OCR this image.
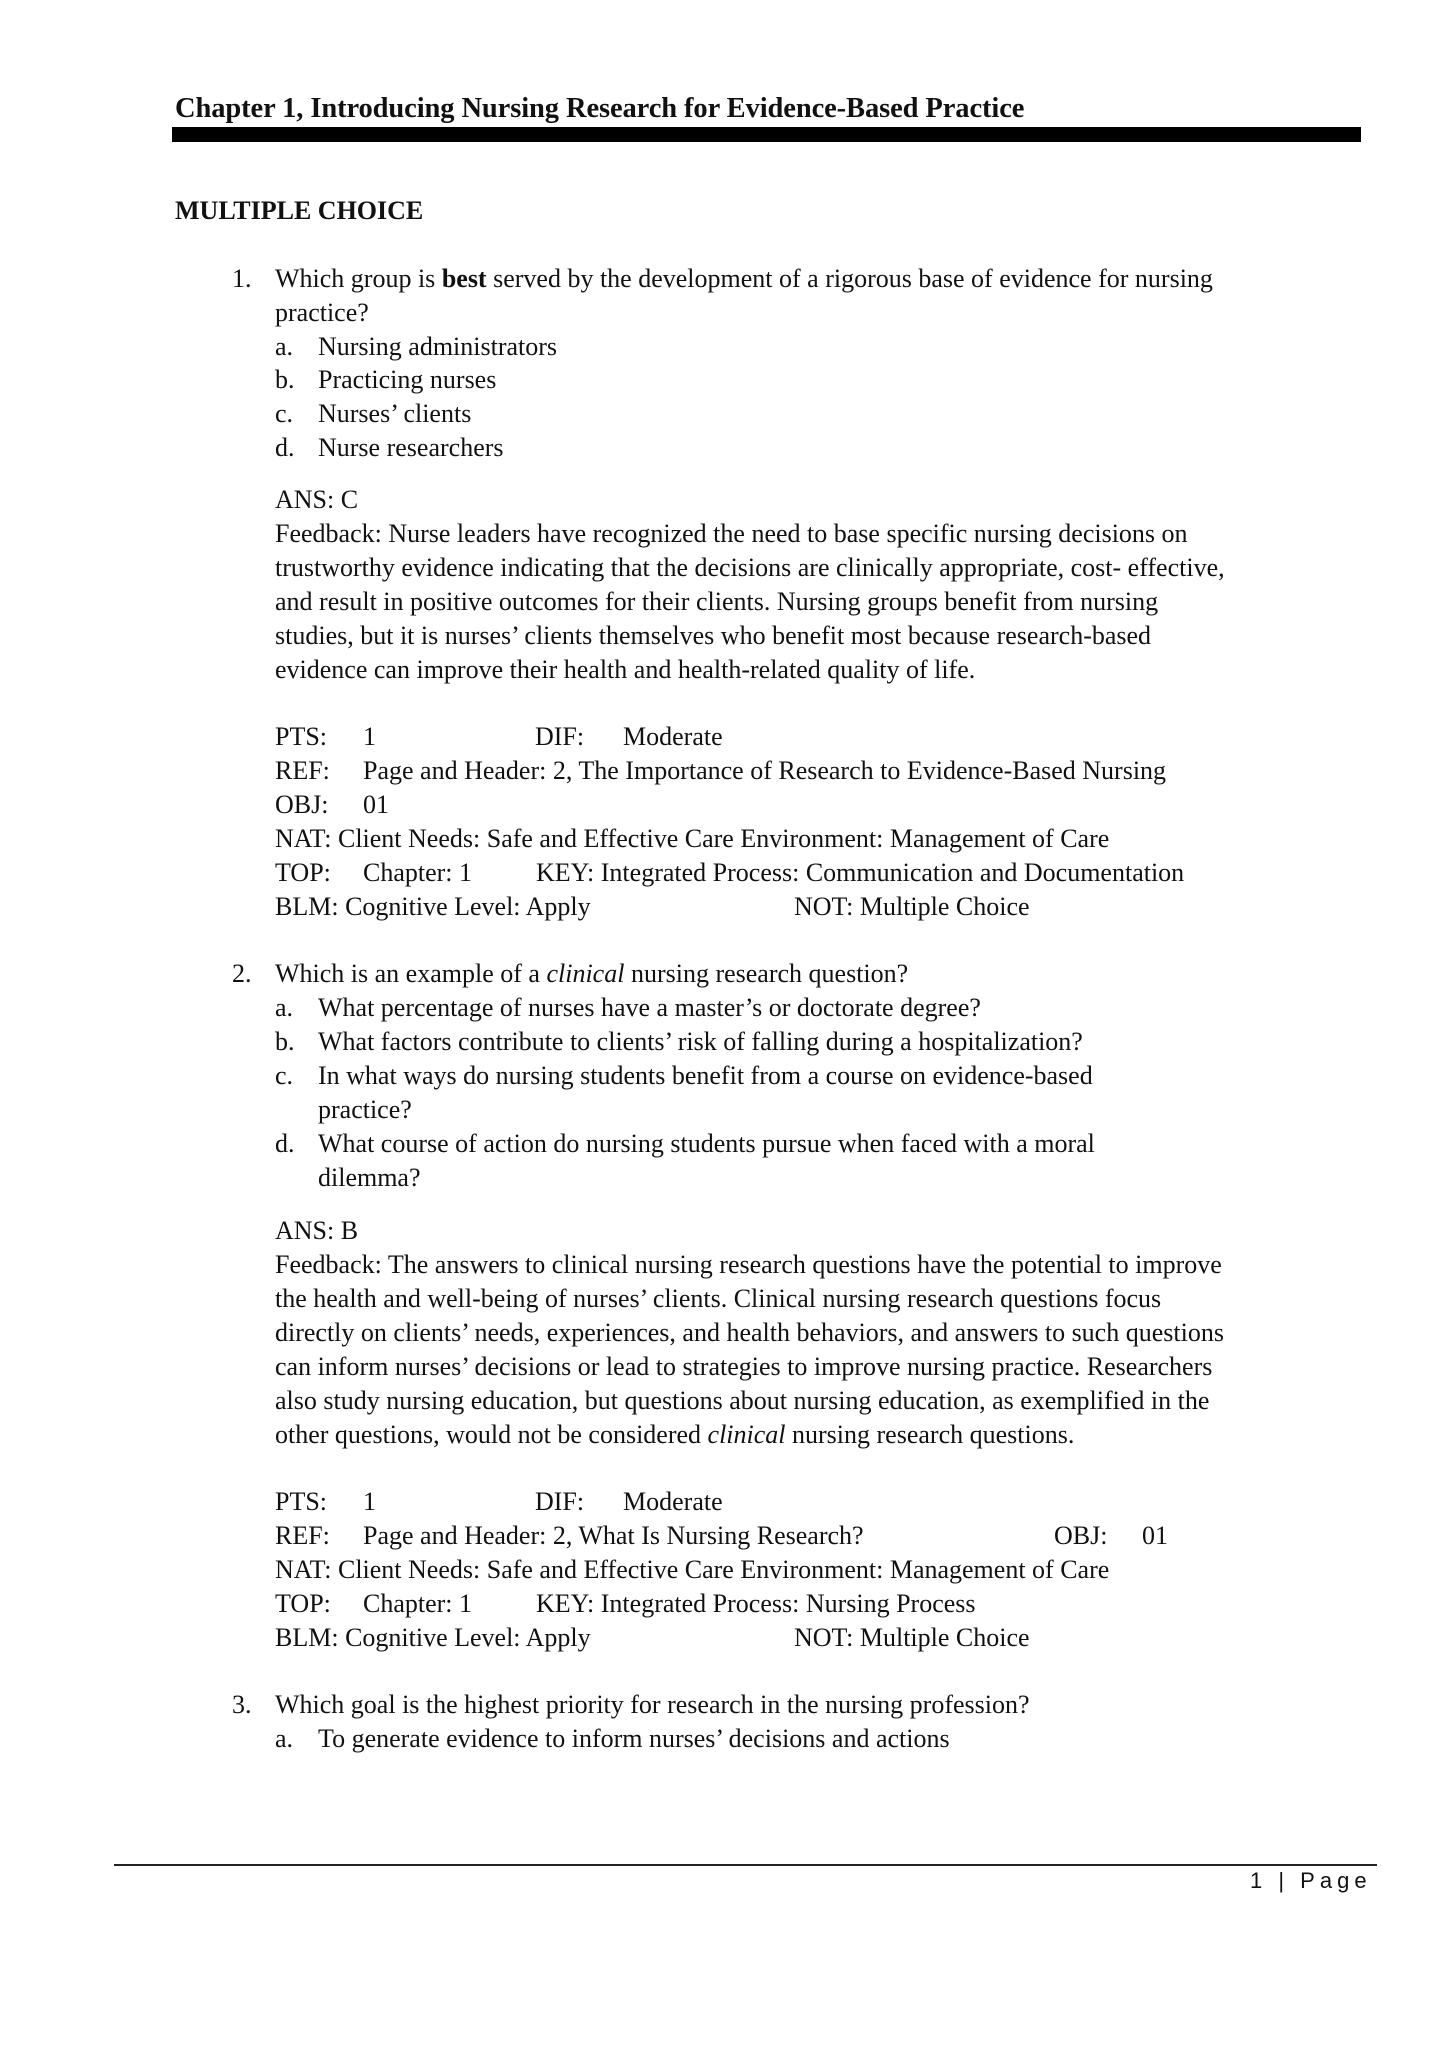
Chapter 1, Introducing Nursing Research for Evidence-Based Practice
MULTIPLE CHOICE
1. Which group is best served by the development of a rigorous base of evidence for nursing
practice?
a. Nursing administrators
b. Practicing nurses
c. Nurses’ clients
d. Nurse researchers
ANS: C
Feedback: Nurse leaders have recognized the need to base specific nursing decisions on
trustworthy evidence indicating that the decisions are clinically appropriate, cost- effective,
and result in positive outcomes for their clients. Nursing groups benefit from nursing
studies, but it is nurses’ clients themselves who benefit most because research-based
evidence can improve their health and health-related quality of life.
PTS: 1	DIF: Moderate
REF: Page and Header: 2, The Importance of Research to Evidence-Based Nursing
OBJ: 01
NAT: Client Needs: Safe and Effective Care Environment: Management of Care
TOP: Chapter: 1 KEY: Integrated Process: Communication and Documentation
BLM: Cognitive Level: Apply	NOT: Multiple Choice
2. Which is an example of a clinical nursing research question?
a. What percentage of nurses have a master’s or doctorate degree?
b. What factors contribute to clients’ risk of falling during a hospitalization?
c. In what ways do nursing students benefit from a course on evidence-based
practice?
d. What course of action do nursing students pursue when faced with a moral
dilemma?
ANS: B
Feedback: The answers to clinical nursing research questions have the potential to improve
the health and well-being of nurses’ clients. Clinical nursing research questions focus
directly on clients’ needs, experiences, and health behaviors, and answers to such questions
can inform nurses’ decisions or lead to strategies to improve nursing practice. Researchers
also study nursing education, but questions about nursing education, as exemplified in the
other questions, would not be considered clinical nursing research questions.
PTS: 1	DIF: Moderate
REF: Page and Header: 2, What Is Nursing Research?	OBJ: 01
NAT: Client Needs: Safe and Effective Care Environment: Management of Care
TOP: Chapter: 1 KEY: Integrated Process: Nursing Process
BLM: Cognitive Level: Apply	NOT: Multiple Choice
3. Which goal is the highest priority for research in the nursing profession?
a. To generate evidence to inform nurses’ decisions and actions
1 | Page
